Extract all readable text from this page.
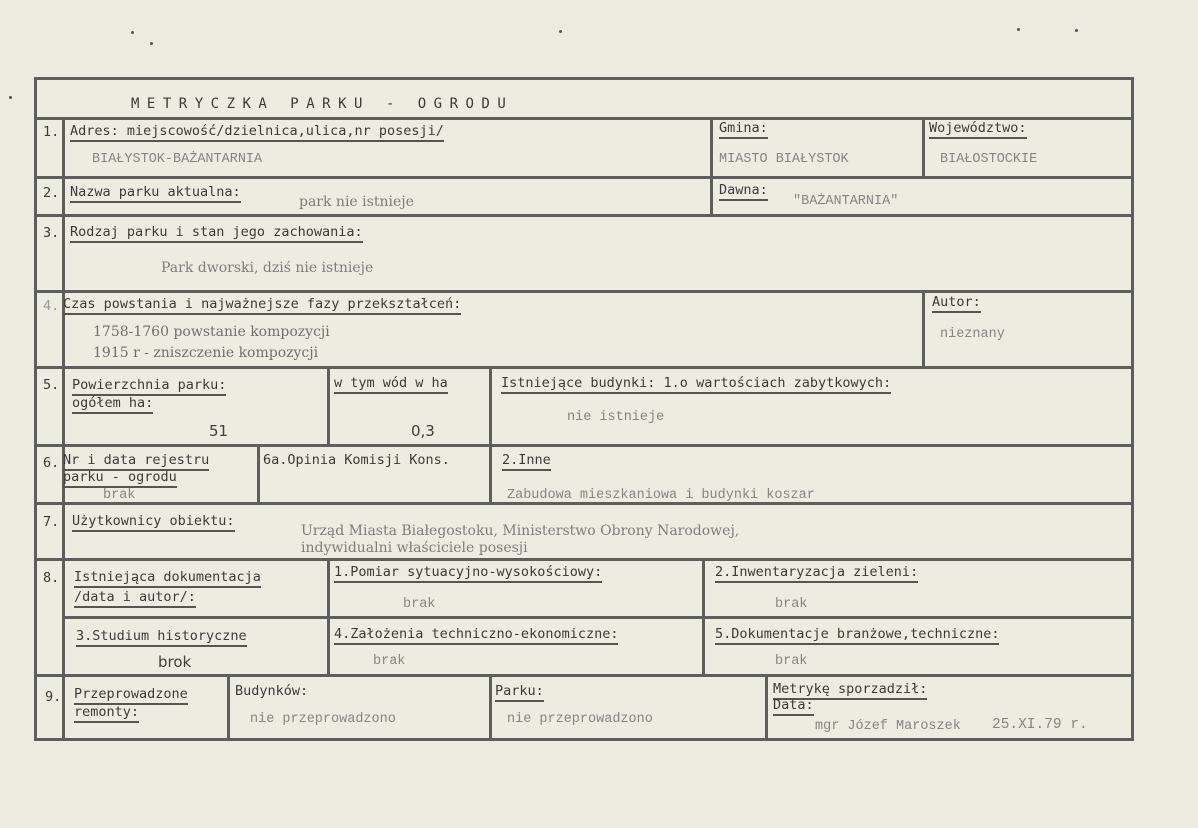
METRYCZKA PARKU - OGRODU
1. Adres: miejscowość/dzielnica,ulica,nr posesji/
BIAŁYSTOK-BAŻANTARNIA
Gmina:
MIASTO BIAŁYSTOK
Województwo:
BIAŁOSTOCKIE
2. Nazwa parku aktualna:
park nie istnieje
Dawna:
"BAŻANTARNIA"
3. Rodzaj parku i stan jego zachowania:
Park dworski, dziś nie istnieje
4. Czas powstania i najważnejsze fazy przekształceń:
1758-1760 powstanie kompozycji
1915 r - zniszczenie kompozycji
Autor:
nieznany
5. Powierzchnia parku:
ogółem ha:
51
w tym wód w ha
0,3
Istniejące budynki: 1.o wartościach zabytkowych:
nie istnieje
6. Nr i data rejestru
parku - ogrodu
brak
6a.Opinia Komisji Kons.	2.Inne
Zabudowa mieszkaniowa i budynki koszar
7. Użytkownicy obiektu:
Urząd Miasta Białegostoku, Ministerstwo Obrony Narodowej,
indywidualni właściciele posesji
8. Istniejąca dokumentacja
/data i autor/:
1.Pomiar sytuacyjno-wysokościowy:
brak
2.Inwentaryzacja zieleni:
brak
3.Studium historyczne
brok
4.Założenia techniczno-ekonomiczne:
brak
5.Dokumentacje branżowe,techniczne:
brak
9. Przeprowadzone
remonty:
Budynków:
nie przeprowadzono
Parku:
nie przeprowadzono
Metrykę sporzadził:
Data:
mgr Józef Maroszek 25.XI.79 r.
